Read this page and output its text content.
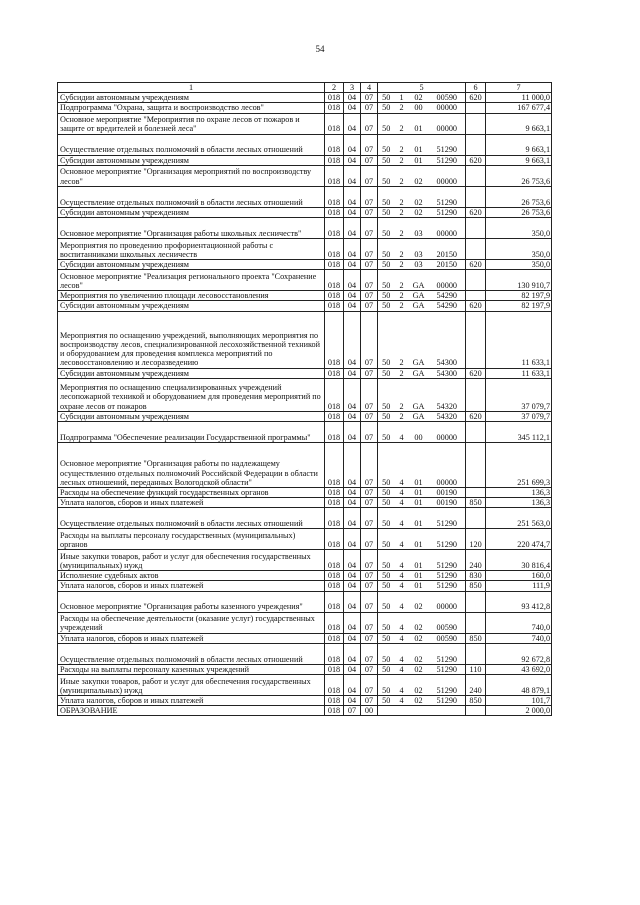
54
1	2	3	4	5				6	7
Субсидии автономным учреждениям	018	04	07	50	1	02	00590	620	11 000,0
Подпрограмма "Охрана, защита и воспроизводство лесов"	018	04	07	50	2	00	00000		167 677,4
Основное мероприятие "Мероприятия по охране лесов от пожаров и защите от вредителей и болезней леса"	018	04	07	50	2	01	00000		9 663,1
Осуществление отдельных полномочий в области лесных отношений	018	04	07	50	2	01	51290		9 663,1
Субсидии автономным учреждениям	018	04	07	50	2	01	51290	620	9 663,1
Основное мероприятие "Организация мероприятий по воспроизводству лесов"	018	04	07	50	2	02	00000		26 753,6
Осуществление отдельных полномочий в области лесных отношений	018	04	07	50	2	02	51290		26 753,6
Субсидии автономным учреждениям	018	04	07	50	2	02	51290	620	26 753,6
Основное мероприятие "Организация работы школьных лесничеств"	018	04	07	50	2	03	00000		350,0
Мероприятия по проведению профориентационной работы с воспитанниками школьных лесничеств	018	04	07	50	2	03	20150		350,0
Субсидии автономным учреждениям	018	04	07	50	2	03	20150	620	350,0
Основное мероприятие "Реализация регионального проекта "Сохранение лесов"	018	04	07	50	2	GA	00000		130 910,7
Мероприятия по увеличению площади лесовосстановления	018	04	07	50	2	GA	54290		82 197,9
Субсидии автономным учреждениям	018	04	07	50	2	GA	54290	620	82 197,9
Мероприятия по оснащению учреждений, выполняющих мероприятия по воспроизводству лесов, специализированной лесохозяйственной техникой и оборудованием для проведения комплекса мероприятий по лесовосстановлению и лесоразведению	018	04	07	50	2	GA	54300		11 633,1
Субсидии автономным учреждениям	018	04	07	50	2	GA	54300	620	11 633,1
Мероприятия по оснащению специализированных учреждений лесопожарной техникой и оборудованием для проведения мероприятий по охране лесов от пожаров	018	04	07	50	2	GA	54320		37 079,7
Субсидии автономным учреждениям	018	04	07	50	2	GA	54320	620	37 079,7
Подпрограмма "Обеспечение реализации Государственной программы"	018	04	07	50	4	00	00000		345 112,1
Основное мероприятие "Организация работы по надлежащему осуществлению отдельных полномочий Российской Федерации в области лесных отношений, переданных Вологодской области"	018	04	07	50	4	01	00000		251 699,3
Расходы на обеспечение функций государственных органов	018	04	07	50	4	01	00190		136,3
Уплата налогов, сборов и иных платежей	018	04	07	50	4	01	00190	850	136,3
Осуществление отдельных полномочий в области лесных отношений	018	04	07	50	4	01	51290		251 563,0
Расходы на выплаты персоналу государственных (муниципальных) органов	018	04	07	50	4	01	51290	120	220 474,7
Иные закупки товаров, работ и услуг для обеспечения государственных (муниципальных) нужд	018	04	07	50	4	01	51290	240	30 816,4
Исполнение судебных актов	018	04	07	50	4	01	51290	830	160,0
Уплата налогов, сборов и иных платежей	018	04	07	50	4	01	51290	850	111,9
Основное мероприятие "Организация работы казенного учреждения"	018	04	07	50	4	02	00000		93 412,8
Расходы на обеспечение деятельности (оказание услуг) государственных учреждений	018	04	07	50	4	02	00590		740,0
Уплата налогов, сборов и иных платежей	018	04	07	50	4	02	00590	850	740,0
Осуществление отдельных полномочий в области лесных отношений	018	04	07	50	4	02	51290		92 672,8
Расходы на выплаты персоналу казенных учреждений	018	04	07	50	4	02	51290	110	43 692,0
Иные закупки товаров, работ и услуг для обеспечения государственных (муниципальных) нужд	018	04	07	50	4	02	51290	240	48 879,1
Уплата налогов, сборов и иных платежей	018	04	07	50	4	02	51290	850	101,7
ОБРАЗОВАНИЕ	018	07	00						2 000,0
